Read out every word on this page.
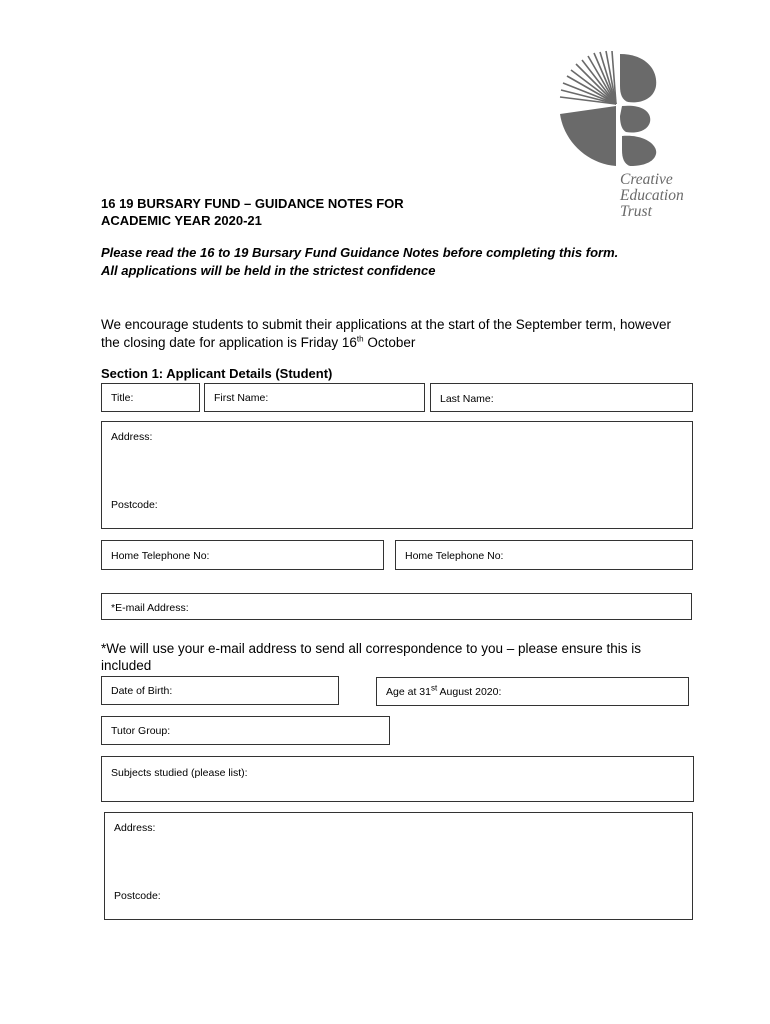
Creative
Education
Trust
16 19 BURSARY FUND – GUIDANCE NOTES FOR
ACADEMIC YEAR 2020-21
Please read the 16 to 19 Bursary Fund Guidance Notes before completing this form.
All applications will be held in the strictest confidence
We encourage students to submit their applications at the start of the September term, however the closing date for application is Friday 16th October
Section 1: Applicant Details (Student)
Title:	First Name:	Last Name:
Address:
Postcode:
Home Telephone No:	Home Telephone No:
*E-mail Address:
*We will use your e-mail address to send all correspondence to you – please ensure this is included
Date of Birth:	Age at 31st August 2020:
Tutor Group:
Subjects studied (please list):
Address:
Postcode:
